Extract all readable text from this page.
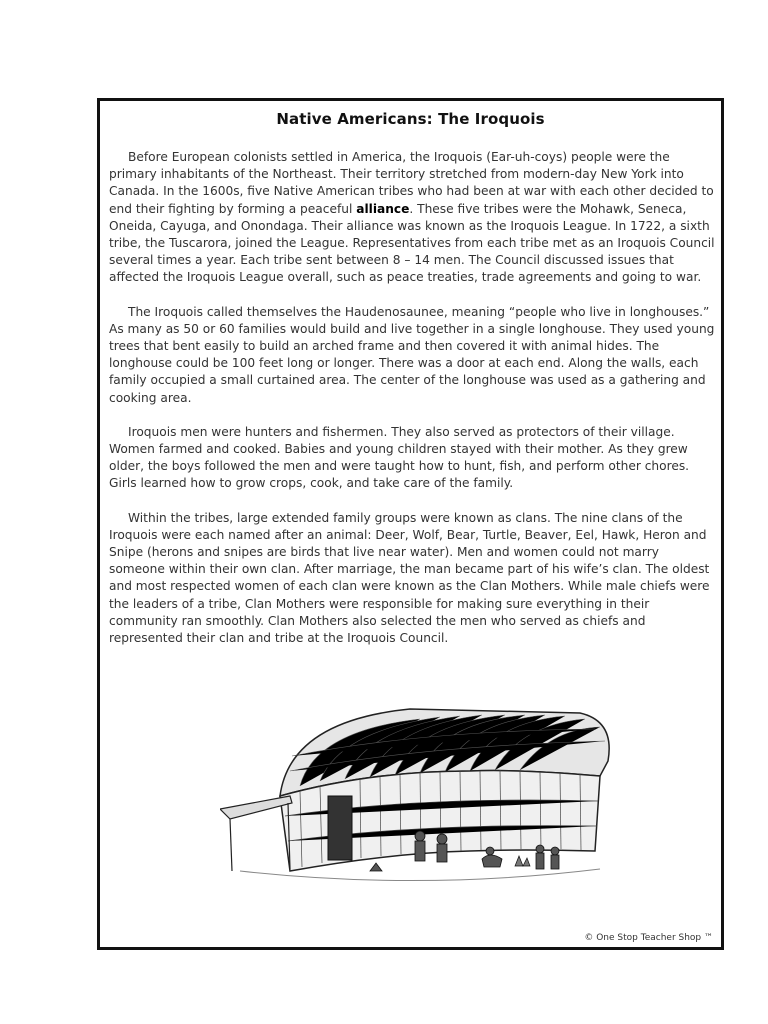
Native Americans: The Iroquois

Before European colonists settled in America, the Iroquois (Ear-uh-coys) people were the primary inhabitants of the Northeast. Their territory stretched from modern-day New York into Canada. In the 1600s, five Native American tribes who had been at war with each other decided to end their fighting by forming a peaceful alliance. These five tribes were the Mohawk, Seneca, Oneida, Cayuga, and Onondaga. Their alliance was known as the Iroquois League. In 1722, a sixth tribe, the Tuscarora, joined the League. Representatives from each tribe met as an Iroquois Council several times a year. Each tribe sent between 8 – 14 men. The Council discussed issues that affected the Iroquois League overall, such as peace treaties, trade agreements and going to war.

The Iroquois called themselves the Haudenosaunee, meaning “people who live in longhouses.” As many as 50 or 60 families would build and live together in a single longhouse. They used young trees that bent easily to build an arched frame and then covered it with animal hides. The longhouse could be 100 feet long or longer. There was a door at each end. Along the walls, each family occupied a small curtained area. The center of the longhouse was used as a gathering and cooking area.

Iroquois men were hunters and fishermen. They also served as protectors of their village. Women farmed and cooked. Babies and young children stayed with their mother. As they grew older, the boys followed the men and were taught how to hunt, fish, and perform other chores. Girls learned how to grow crops, cook, and take care of the family.

Within the tribes, large extended family groups were known as clans. The nine clans of the Iroquois were each named after an animal: Deer, Wolf, Bear, Turtle, Beaver, Eel, Hawk, Heron and Snipe (herons and snipes are birds that live near water). Men and women could not marry someone within their own clan. After marriage, the man became part of his wife’s clan. The oldest and most respected women of each clan were known as the Clan Mothers. While male chiefs were the leaders of a tribe, Clan Mothers were responsible for making sure everything in their community ran smoothly. Clan Mothers also selected the men who served as chiefs and represented their clan and tribe at the Iroquois Council.

© One Stop Teacher Shop ™
